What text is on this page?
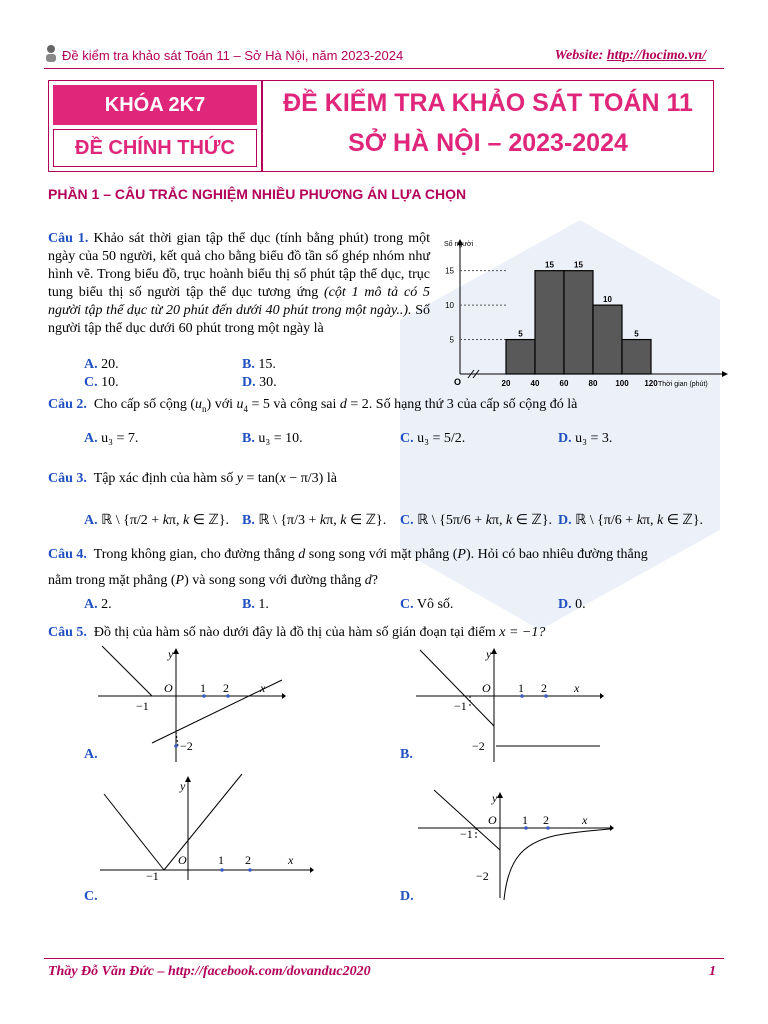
Đề kiểm tra khảo sát Toán 11 – Sở Hà Nội, năm 2023-2024	Website: http://hocimo.vn/
KHÓA 2K7
ĐỀ CHÍNH THỨC
ĐỀ KIỂM TRA KHẢO SÁT TOÁN 11
SỞ HÀ NỘI – 2023-2024
PHẦN 1 – CÂU TRẮC NGHIỆM NHIỀU PHƯƠNG ÁN LỰA CHỌN
Câu 1. Khảo sát thời gian tập thể dục (tính bằng phút) trong một ngày của 50 người, kết quả cho bằng biểu đồ tần số ghép nhóm như hình vẽ. Trong biểu đồ, trục hoành biểu thị số phút tập thể dục, trục tung biểu thị số người tập thể dục tương ứng (cột 1 mô tả có 5 người tập thể dục từ 20 phút đến dưới 40 phút trong một ngày..). Số người tập thể dục dưới 60 phút trong một ngày là
A. 20.	B. 15.
C. 10.	D. 30.
Số người
Thời gian (phút)
O
5
10
15
5
15	15
10
5
20	40	60	80 100 120
Câu 2. Cho cấp số cộng $(u_n)$ với $u_4 = 5$ và công sai d = 2. Số hạng thứ 3 của cấp số cộng đó là
A. u₃ = 7.	B. u₃ = 10.	C. u₃ = 5/2.	D. u₃ = 3.
Câu 3. Tập xác định của hàm số y = tan(x − π/3) là
A. ℝ \ {π/2 + kπ, k ∈ ℤ}. B. ℝ \ {π/3 + kπ, k ∈ ℤ}. C. ℝ \ {5π/6 + kπ, k ∈ ℤ}. D. ℝ \ {π/6 + kπ, k ∈ ℤ}.
Câu 4. Trong không gian, cho đường thẳng d song song với mặt phẳng (P). Hỏi có bao nhiêu đường thẳng
nằm trong mặt phẳng (P) và song song với đường thẳng d?
A. 2.	B. 1.	C. Vô số.	D. 0.
Câu 5. Đồ thị của hàm số nào dưới đây là đồ thị của hàm số gián đoạn tại điểm x = −1?
O 1 2	x
y
−1
−2
A.
O 1 2 x
y
−1
−2
B.
O	1 2	x
y
−1
C.
O 1 2	x
y
−1
−2
D.
Thầy Đỗ Văn Đức – http://facebook.com/dovanduc2020	1
